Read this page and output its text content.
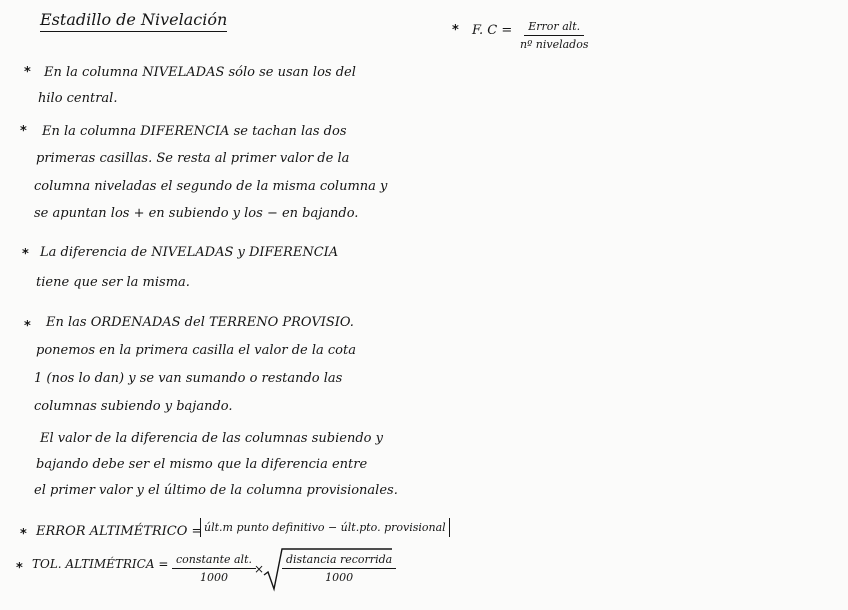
Estadillo de Nivelación
* F. C =	Error alt.
nº nivelados
* En la columna NIVELADAS sólo se usan los del
hilo central.
* En la columna DIFERENCIA se tachan las dos
primeras casillas. Se resta al primer valor de la
columna niveladas el segundo de la misma columna y
se apuntan los + en subiendo y los − en bajando.
* La diferencia de NIVELADAS y DIFERENCIA
tiene que ser la misma.
* En las ORDENADAS del TERRENO PROVISIO.
ponemos en la primera casilla el valor de la cota
1 (nos lo dan) y se van sumando o restando las
columnas subiendo y bajando.
El valor de la diferencia de las columnas subiendo y
bajando debe ser el mismo que la diferencia entre
el primer valor y el último de la columna provisionales.
* ERROR ALTIMÉTRICO = últ.m punto definitivo − últ.pto. provisional
* TOL. ALTIMÉTRICA = constante alt.
1000
×
distancia recorrida
1000
